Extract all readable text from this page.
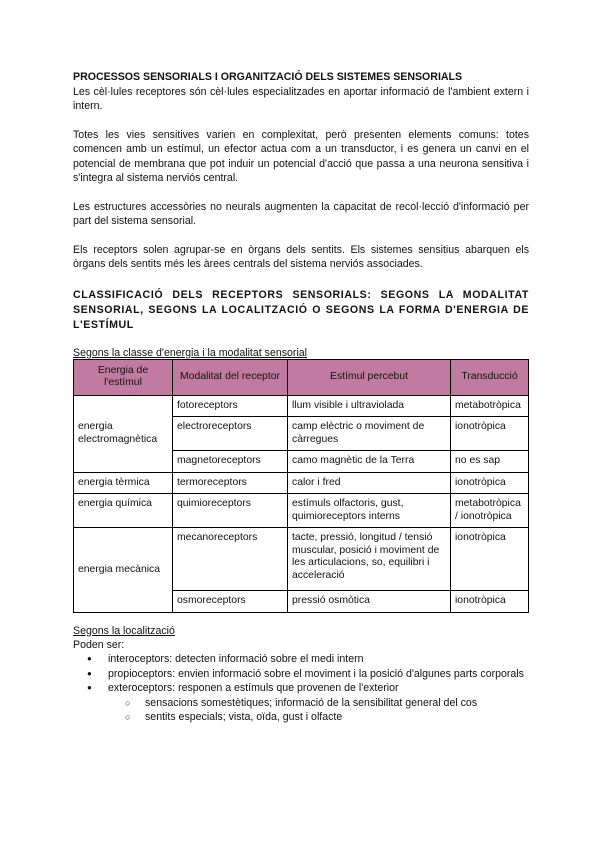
PROCESSOS SENSORIALS I ORGANITZACIÓ DELS SISTEMES SENSORIALS

Les cèl·lules receptores són cèl·lules especialitzades en aportar informació de l'ambient extern i intern.

Totes les vies sensitives varien en complexitat, però presenten elements comuns: totes comencen amb un estímul, un efector actua com a un transductor, i es genera un canvi en el potencial de membrana que pot induir un potencial d'acció que passa a una neurona sensitiva i s'integra al sistema nerviós central.

Les estructures accessòries no neurals augmenten la capacitat de recol·lecció d'informació per part del sistema sensorial.

Els receptors solen agrupar-se en òrgans dels sentits. Els sistemes sensitius abarquen els òrgans dels sentits més les àrees centrals del sistema nerviós associades.

CLASSIFICACIÓ DELS RECEPTORS SENSORIALS: SEGONS LA MODALITAT SENSORIAL, SEGONS LA LOCALITZACIÓ O SEGONS LA FORMA D'ENERGIA DE L'ESTÍMUL

Segons la classe d'energia i la modalitat sensorial
Energia de l'estímul	Modalitat del receptor	Estímul percebut	Transducció
energia electromagnètica	fotoreceptors	llum visible i ultraviolada	metabotròpica
	electroreceptors	camp elèctric o moviment de càrregues	ionotròpica
	magnetoreceptors	camo magnètic de la Terra	no es sap
energia tèrmica	termoreceptors	calor i fred	ionotròpica
energia química	quimioreceptors	estímuls olfactoris, gust, quimioreceptors interns	metabotròpica / ionotròpica
energia mecànica	mecanoreceptors	tacte, pressió, longitud / tensió muscular, posició i moviment de les articulacions, so, equilibri i acceleració	ionotròpica
	osmoreceptors	pressió osmòtica	ionotròpica
Segons la localització
Poden ser:
● interoceptors: detecten informació sobre el medi intern
● propioceptors: envien informació sobre el moviment i la posició d'algunes parts corporals
● exteroceptors: responen a estímuls que provenen de l'exterior
○ sensacions somestètiques; informació de la sensibilitat general del cos
○ sentits especials; vista, oïda, gust i olfacte
